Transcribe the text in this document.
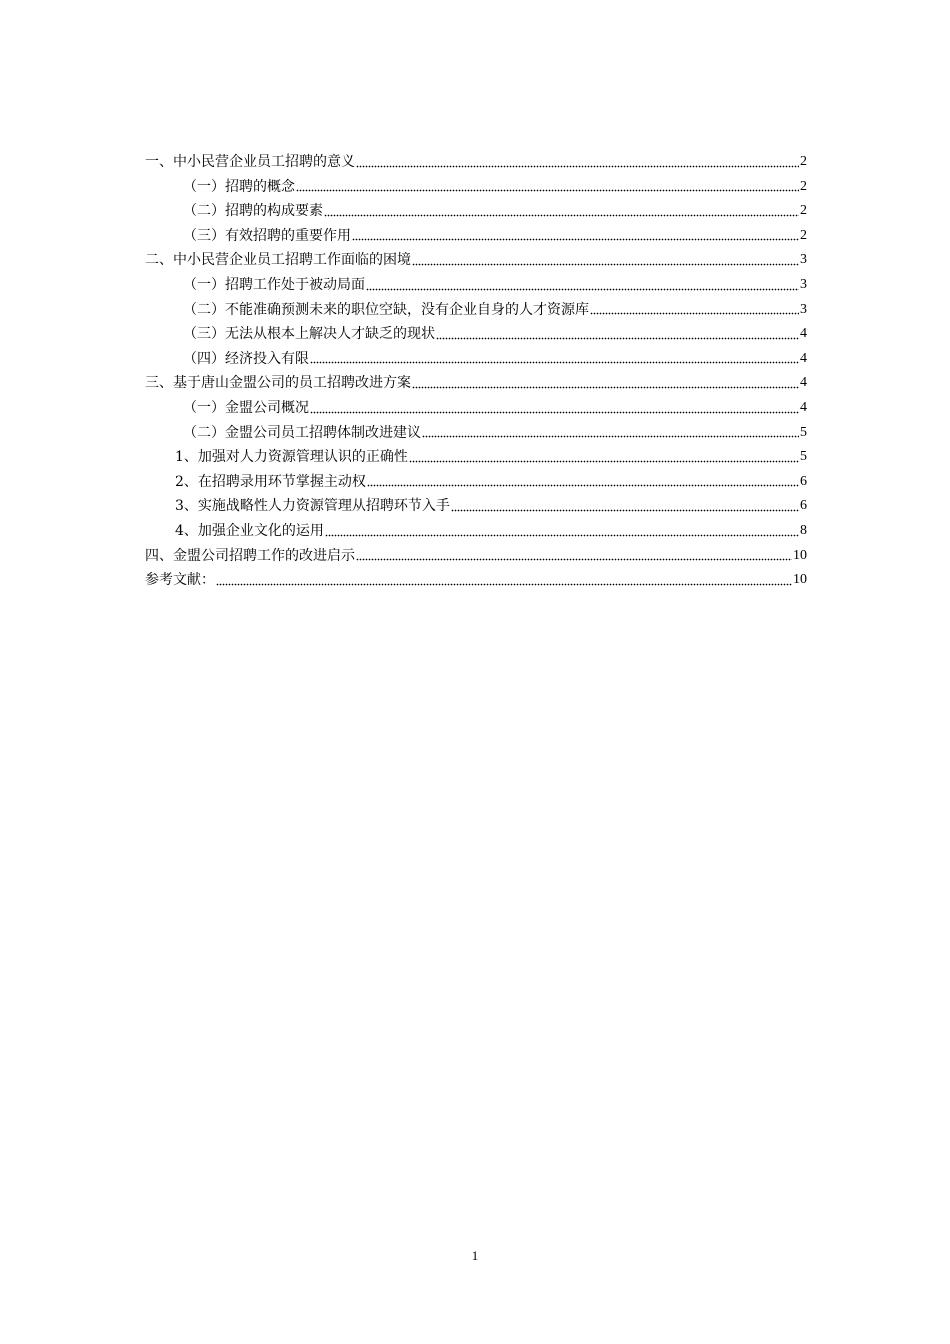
一、中小民营企业员工招聘的意义	2
（一）招聘的概念	2
（二）招聘的构成要素	2
（三）有效招聘的重要作用	2
二、中小民营企业员工招聘工作面临的困境	3
（一）招聘工作处于被动局面	3
（二）不能准确预测未来的职位空缺，没有企业自身的人才资源库	3
（三）无法从根本上解决人才缺乏的现状	4
（四）经济投入有限	4
三、基于唐山金盟公司的员工招聘改进方案	4
（一）金盟公司概况	4
（二）金盟公司员工招聘体制改进建议	5
1、加强对人力资源管理认识的正确性	5
2、在招聘录用环节掌握主动权	6
3、实施战略性人力资源管理从招聘环节入手	6
4、加强企业文化的运用	8
四、金盟公司招聘工作的改进启示	10
参考文献：	10
1
